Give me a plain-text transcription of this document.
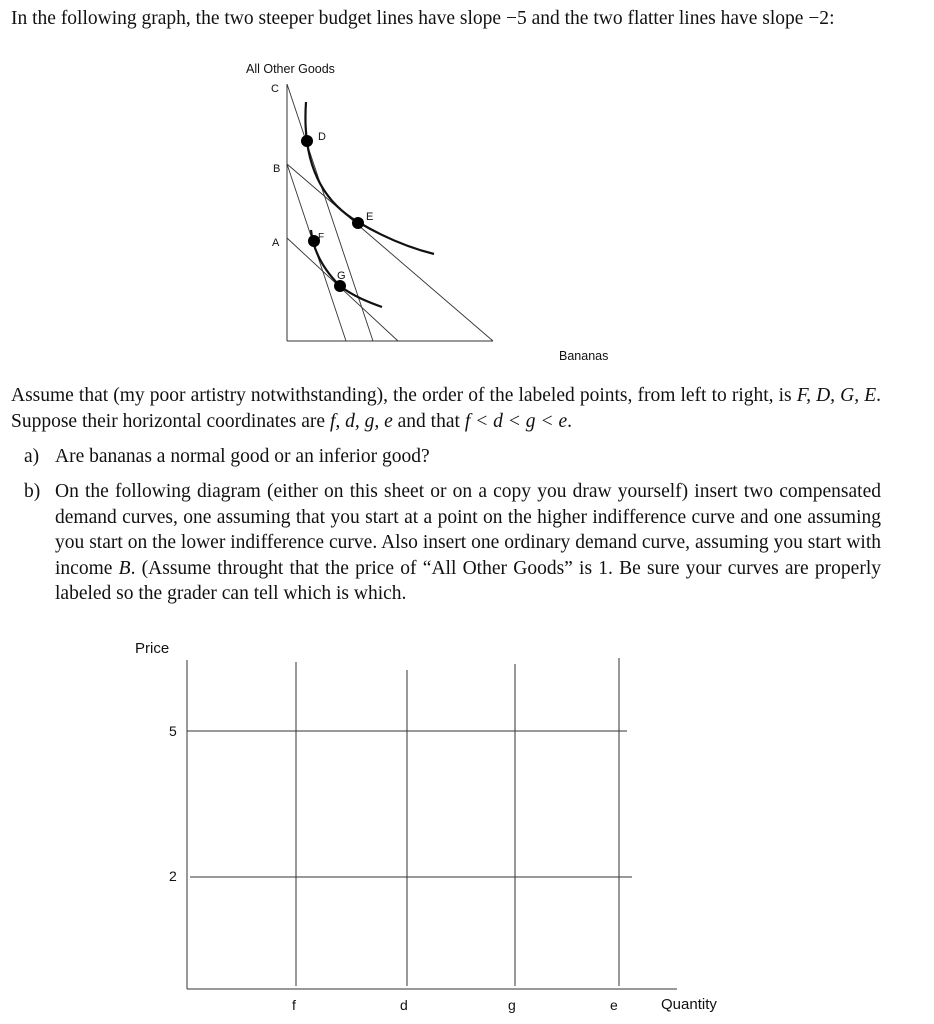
In the following graph, the two steeper budget lines have slope −5 and the two flatter lines have slope −2:
All Other Goods
C
B
A
D
E
F
G
Bananas
Assume that (my poor artistry notwithstanding), the order of the labeled points, from left to right, is F, D, G, E. Suppose their horizontal coordinates are f, d, g, e and that f < d < g < e.
a) Are bananas a normal good or an inferior good?
b) On the following diagram (either on this sheet or on a copy you draw yourself) insert two compensated demand curves, one assuming that you start at a point on the higher indifference curve and one assuming you start on the lower indifference curve. Also insert one ordinary demand curve, assuming you start with income B. (Assume throught that the price of “All Other Goods” is 1. Be sure your curves are properly labeled so the grader can tell which is which.
Price
5
2
f	d	g	e	Quantity
